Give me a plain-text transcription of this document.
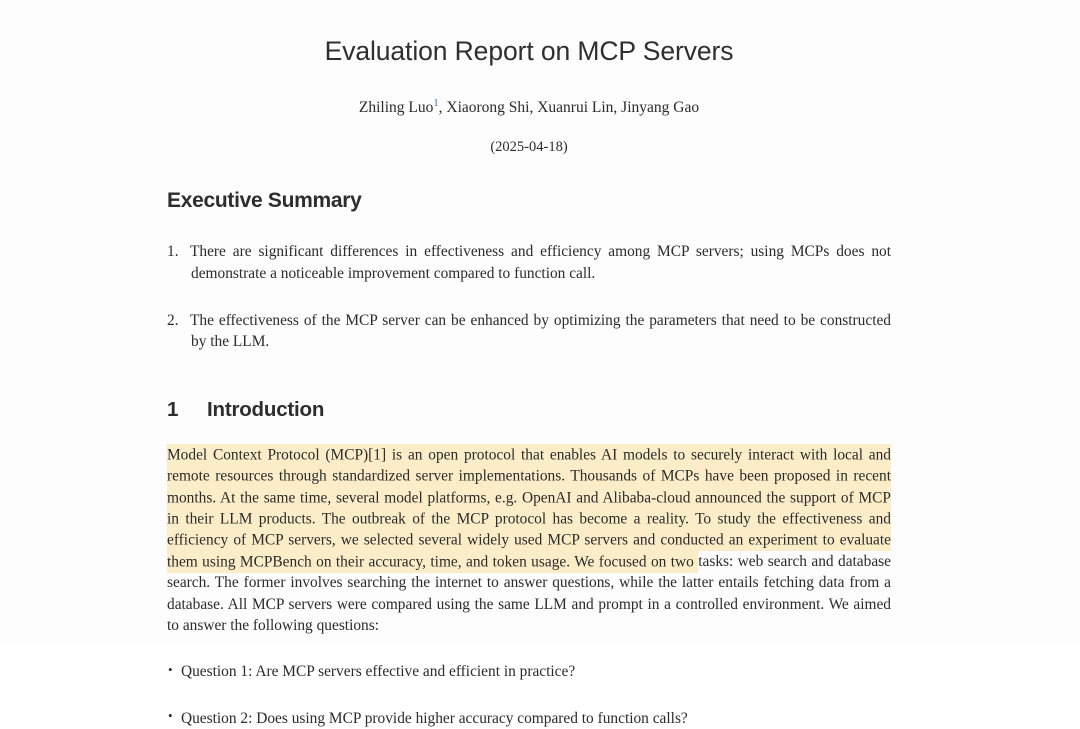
Evaluation Report on MCP Servers

Zhiling Luo$^1$, Xiaorong Shi, Xuanrui Lin, Jinyang Gao

(2025-04-18)

Executive Summary
1. There are significant differences in effectiveness and efficiency among MCP servers; using MCPs does not demonstrate a noticeable improvement compared to function call.
2. The effectiveness of the MCP server can be enhanced by optimizing the parameters that need to be constructed by the LLM.
1	Introduction

Model Context Protocol (MCP)[1] is an open protocol that enables AI models to securely interact with local and remote resources through standardized server implementations. Thousands of MCPs have been proposed in recent months. At the same time, several model platforms, e.g. OpenAI and Alibaba-cloud announced the support of MCP in their LLM products. The outbreak of the MCP protocol has become a reality. To study the effectiveness and efficiency of MCP servers, we selected several widely used MCP servers and conducted an experiment to evaluate them using MCPBench on their accuracy, time, and token usage. We focused on two tasks: web search and database search. The former involves searching the internet to answer questions, while the latter entails fetching data from a database. All MCP servers were compared using the same LLM and prompt in a controlled environment. We aimed to answer the following questions:

• Question 1: Are MCP servers effective and efficient in practice?
• Question 2: Does using MCP provide higher accuracy compared to function calls?
